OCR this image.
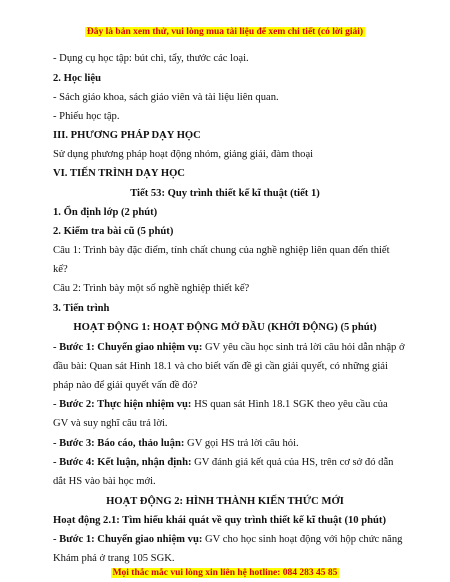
Đây là bản xem thử, vui lòng mua tài liệu để xem chi tiết (có lời giải)
- Dụng cụ học tập: bút chì, tẩy, thước các loại.
2. Học liệu
- Sách giáo khoa, sách giáo viên và tài liệu liên quan.
- Phiếu học tập.
III. PHƯƠNG PHÁP DẠY HỌC
Sử dụng phương pháp hoạt động nhóm, giảng giải, đàm thoại
VI. TIẾN TRÌNH DẠY HỌC
Tiết 53: Quy trình thiết kế kĩ thuật (tiết 1)
1. Ổn định lớp (2 phút)
2. Kiểm tra bài cũ (5 phút)
Câu 1: Trình bày đặc điểm, tính chất chung của nghề nghiệp liên quan đến thiết
kế?
Câu 2: Trình bày một số nghề nghiệp thiết kế?
3. Tiến trình
HOẠT ĐỘNG 1: HOẠT ĐỘNG MỞ ĐẦU (KHỞI ĐỘNG) (5 phút)
- Bước 1: Chuyển giao nhiệm vụ: GV yêu cầu học sinh trả lời câu hỏi dẫn nhập ở
đầu bài: Quan sát Hình 18.1 và cho biết vấn đề gì cần giải quyết, có những giải
pháp nào để giải quyết vấn đề đó?
- Bước 2: Thực hiện nhiệm vụ: HS quan sát Hình 18.1 SGK theo yêu cầu của
GV và suy nghĩ câu trả lời.
- Bước 3: Báo cáo, thảo luận: GV gọi HS trả lời câu hỏi.
- Bước 4: Kết luận, nhận định: GV đánh giá kết quả của HS, trên cơ sở đó dẫn
dắt HS vào bài học mới.
HOẠT ĐỘNG 2: HÌNH THÀNH KIẾN THỨC MỚI
Hoạt động 2.1: Tìm hiểu khái quát về quy trình thiết kế kĩ thuật (10 phút)
- Bước 1: Chuyển giao nhiệm vụ: GV cho học sinh hoạt động với hộp chức năng
Khám phá ở trang 105 SGK.
Mọi thắc mắc vui lòng xin liên hệ hotline: 084 283 45 85
